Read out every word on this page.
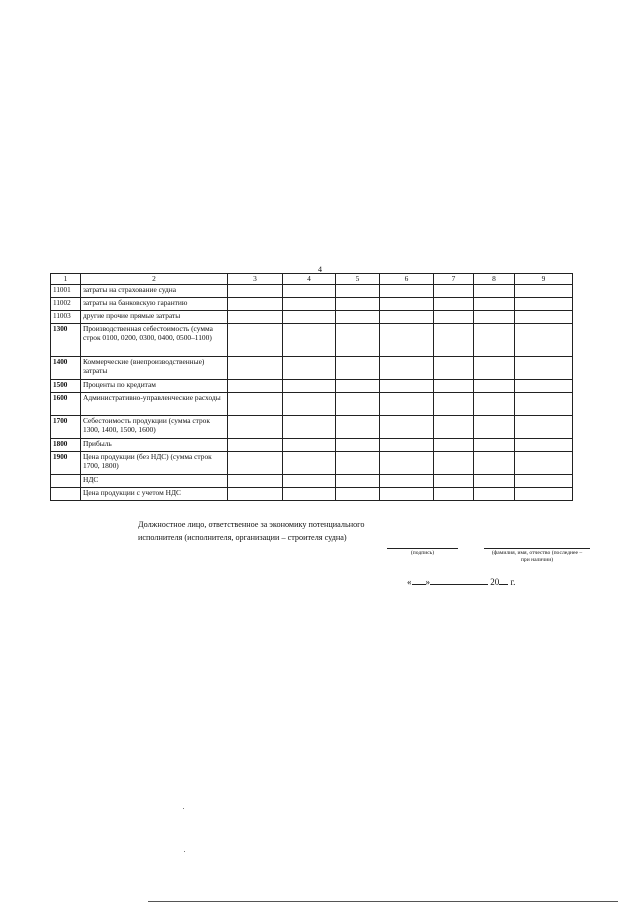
4
1	2	3	4	5	6	7	8	9
11001	затраты на страхование судна							
11002	затраты на банковскую гарантию							
11003	другие прочие прямые затраты							
1300	Производственная себестоимость (сумма строк 0100, 0200, 0300, 0400, 0500–1100)							
1400	Коммерческие (внепроизводственные) затраты							
1500	Проценты по кредитам							
1600	Административно-управленческие расходы							
1700	Себестоимость продукции (сумма строк 1300, 1400, 1500, 1600)							
1800	Прибыль							
1900	Цена продукции (без НДС) (сумма строк 1700, 1800)							
	НДС							
	Цена продукции с учетом НДС							
Должностное лицо, ответственное за экономику потенциального исполнителя (исполнителя, организации – строителя судна)
(подпись)	(фамилия, имя, отчество (последнее – при наличии)
« »	20 г.
